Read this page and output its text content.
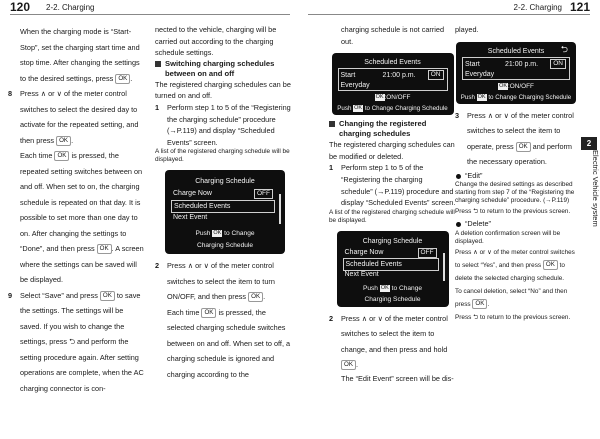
120 2-2. Charging	2-2. Charging 121
2
Electric Vehicle system

When the charging mode is “Start-Stop”, set the charging start time and stop time. After changing the settings to the desired settings, press OK .

8 Press ∧ or ∨ of the meter control switches to select the desired day to activate for the repeated setting, and then press OK .

Each time OK is pressed, the repeated setting switches between on and off. When set to on, the charging schedule is repeated on that day. It is possible to set more than one day to on. After changing the settings to “Done”, and then press OK . A screen where the settings can be saved will be displayed.

9 Select “Save” and press OK to save the settings. The settings will be saved. If you wish to change the settings, press ⮌ and perform the setting procedure again. After setting operations are complete, when the AC charging connector is con-

nected to the vehicle, charging will be carried out according to the charging schedule settings.

Switching charging schedules between on and off

The registered charging schedules can be turned on and off.

1 Perform step 1 to 5 of the “Registering the charging schedule” procedure (→P.119) and display “Scheduled Events” screen.

A list of the registered charging schedule will be displayed.

Charging Schedule
Charge Now	OFF
Scheduled Events
Next Event
Push OK to Change
Charging Schedule

2 Press ∧ or ∨ of the meter control switches to select the item to turn ON/OFF, and then press OK .

Each time OK is pressed, the selected charging schedule switches between on and off. When set to off, a charging schedule is ignored and charging according to the

charging schedule is not carried out.

Scheduled Events
Start	21:00 p.m.	ON
Everyday
OK:ON/OFF
Push OK to Change Charging Schedule

Changing the registered charging schedules

The registered charging schedules can be modified or deleted.

1 Perform step 1 to 5 of the “Registering the charging schedule” (→P.119) procedure and display “Scheduled Events” screen.

A list of the registered charging schedule will be displayed.

Charging Schedule
Charge Now	OFF
Scheduled Events
Next Event
Push OK to Change
Charging Schedule

2 Press ∧ or ∨ of the meter control switches to select the item to change, and then press and hold OK .

The “Edit Event” screen will be dis-

played.

Scheduled Events	⮌
Start	21:00 p.m.	ON
Everyday
OK:ON/OFF
Push OK to Change Charging Schedule

3 Press ∧ or ∨ of the meter control switches to select the item to operate, press OK and perform the necessary operation.

“Edit”

Change the desired settings as described starting from step 7 of the “Registering the charging schedule” procedure. (→P.119)

Press ⮌ to return to the previous screen.

“Delete”

A deletion confirmation screen will be displayed.

Press ∧ or ∨ of the meter control switches to select “Yes”, and then press OK to delete the selected charging schedule.

To cancel deletion, select “No” and then press OK .

Press ⮌ to return to the previous screen.
